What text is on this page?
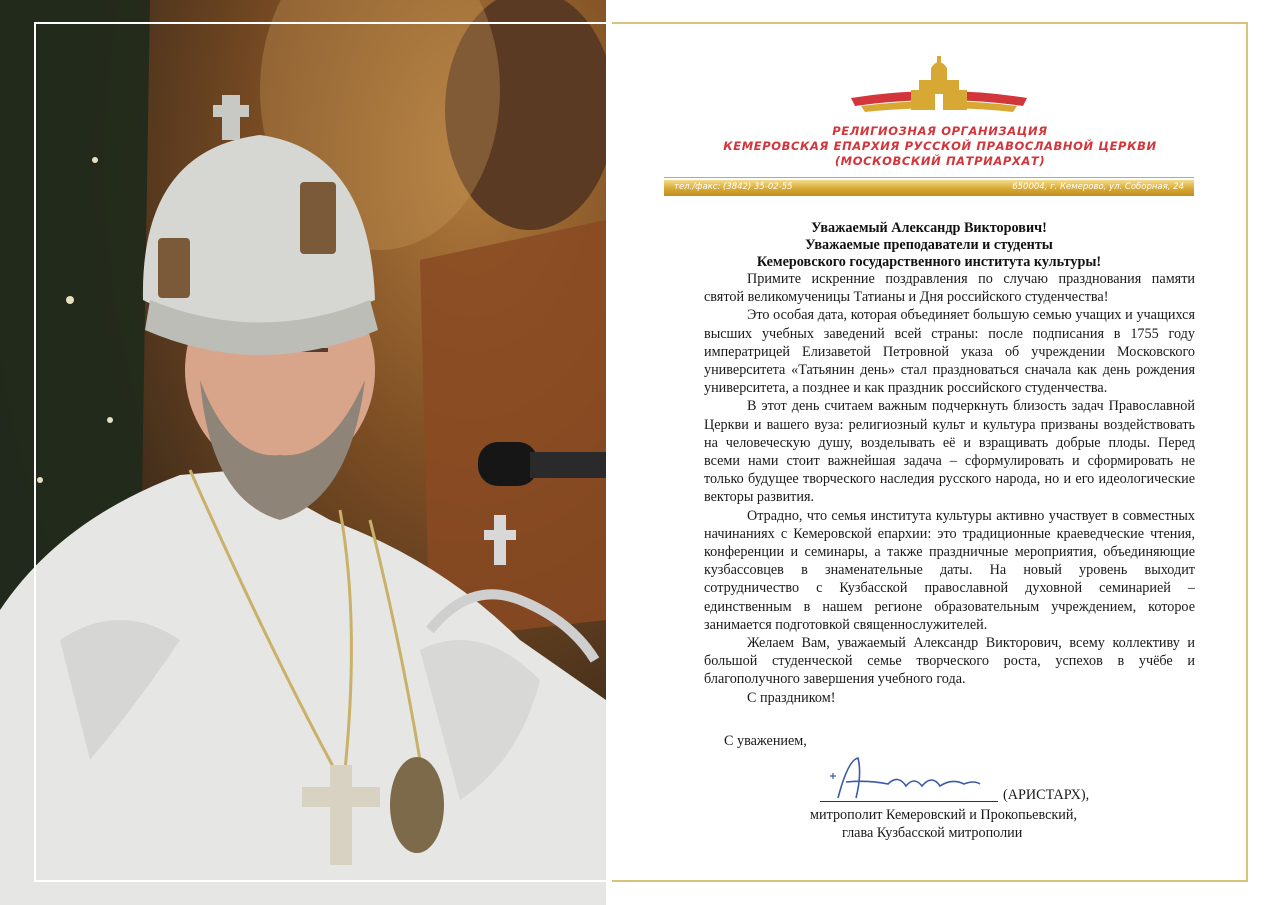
РЕЛИГИОЗНАЯ ОРГАНИЗАЦИЯ
КЕМЕРОВСКАЯ ЕПАРХИЯ РУССКОЙ ПРАВОСЛАВНОЙ ЦЕРКВИ
(МОСКОВСКИЙ ПАТРИАРХАТ)
тел./факс: (3842) 35-02-55	650004, г. Кемерово, ул. Соборная, 24
Уважаемый Александр Викторович!
Уважаемые преподаватели и студенты
Кемеровского государственного института культуры!

Примите искренние поздравления по случаю празднования памяти святой великомученицы Татианы и Дня российского студенчества!

Это особая дата, которая объединяет большую семью учащих и учащихся высших учебных заведений всей страны: после подписания в 1755 году императрицей Елизаветой Петровной указа об учреждении Московского университета «Татьянин день» стал праздноваться сначала как день рождения университета, а позднее и как праздник российского студенчества.

В этот день считаем важным подчеркнуть близость задач Православной Церкви и вашего вуза: религиозный культ и культура призваны воздействовать на человеческую душу, возделывать её и взращивать добрые плоды. Перед всеми нами стоит важнейшая задача – сформулировать и сформировать не только будущее творческого наследия русского народа, но и его идеологические векторы развития.

Отрадно, что семья института культуры активно участвует в совместных начинаниях с Кемеровской епархии: это традиционные краеведческие чтения, конференции и семинары, а также праздничные мероприятия, объединяющие кузбассовцев в знаменательные даты. На новый уровень выходит сотрудничество с Кузбасской православной духовной семинарией – единственным в нашем регионе образовательным учреждением, которое занимается подготовкой священнослужителей.

Желаем Вам, уважаемый Александр Викторович, всему коллективу и большой студенческой семье творческого роста, успехов в учёбе и благополучного завершения учебного года.

С праздником!

С уважением,
(АРИСТАРХ),
митрополит Кемеровский и Прокопьевский,
глава Кузбасской митрополии
